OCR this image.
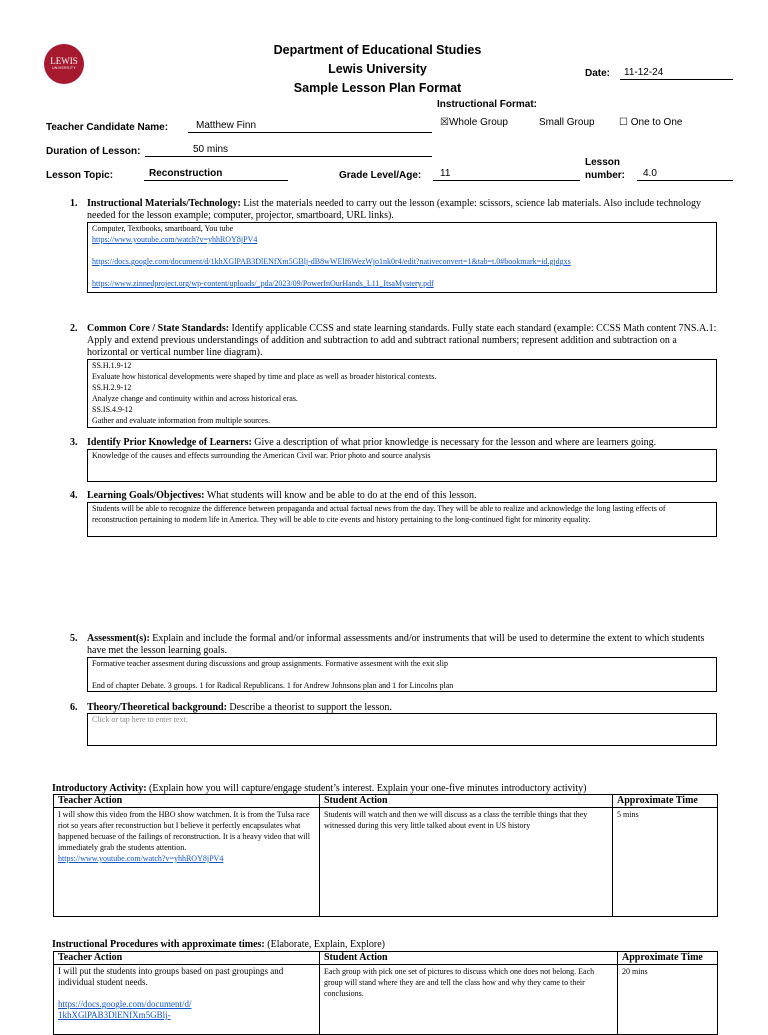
LEWIS
UNIVERSITY
Department of Educational Studies
Lewis University
Sample Lesson Plan Format
Date:	11-12-24
Instructional Format:
☒Whole Group	Small Group ☐ One to One
Teacher Candidate Name:	Matthew Finn
Duration of Lesson:	50 mins
Lesson Topic:	Reconstruction	Grade Level/Age:	11
Lesson
number:	4.0
1. Instructional Materials/Technology: List the materials needed to carry out the lesson (example: scissors, science lab materials. Also include technology needed for the lesson example; computer, projector, smartboard, URL links).

Computer, Textbooks, smartboard, You tube

https://www.youtube.com/watch?v=yhhROY8jPV4

https://docs.google.com/document/d/1khXGlPAB3DlENfXm5GBlj-dB8wWElf6WezWjo1nk0r4/edit?nativeconvert=1&tab=t.0#bookmark=id.gjdgxs

https://www.zinnedproject.org/wp-content/uploads/_pda/2023/09/PowerInOurHands_L11_ItsaMystery.pdf

2. Common Core / State Standards: Identify applicable CCSS and state learning standards. Fully state each standard (example: CCSS Math content 7NS.A.1: Apply and extend previous understandings of addition and subtraction to add and subtract rational numbers; represent addition and subtraction on a horizontal or vertical number line diagram).

SS.H.1.9-12

Evaluate how historical developments were shaped by time and place as well as broader historical contexts.

SS.H.2.9-12

Analyze change and continuity within and across historical eras.

SS.IS.4.9-12

Gather and evaluate information from multiple sources.

3. Identify Prior Knowledge of Learners: Give a description of what prior knowledge is necessary for the lesson and where are learners going.

Knowledge of the causes and effects surrounding the American Civil war. Prior photo and source analysis

4. Learning Goals/Objectives: What students will know and be able to do at the end of this lesson.

Students will be able to recognize the difference between propaganda and actual factual news from the day. They will be able to realize and acknowledge the long lasting effects of reconstruction pertaining to modern life in America. They will be able to cite events and history pertaining to the long-continued fight for minority equality.

5. Assessment(s): Explain and include the formal and/or informal assessments and/or instruments that will be used to determine the extent to which students have met the lesson learning goals.

Formative teacher assesment during discussions and group assignments. Formative assesment with the exit slip

End of chapter Debate. 3 groups. 1 for Radical Republicans. 1 for Andrew Johnsons plan and 1 for Lincolns plan

6. Theory/Theoretical background: Describe a theorist to support the lesson.

Click or tap here to enter text.

Introductory Activity: (Explain how you will capture/engage student’s interest. Explain your one-five minutes introductory activity)
Teacher Action	Student Action	Approximate Time
I will show this video from the HBO show watchmen. It is from the Tulsa race riot so years after reconstruction but I believe it perfectly encapsulates what happened becuase of the failings of reconstruction. It is a heavy video that will immediately grab the students attention.
https://www.youtube.com/watch?v=yhhROY8jPV4	Students will watch and then we will discuss as a class the terrible things that they witnessed during this very little talked about event in US history	5 mins
Instructional Procedures with approximate times: (Elaborate, Explain, Explore)
Teacher Action	Student Action	Approximate Time
I will put the students into groups based on past groupings and individual student needs.

https://docs.google.com/document/d/
1khXGlPAB3DlENfXm5GBlj-	Each group with pick one set of pictures to discuss which one does not belong. Each group will stand where they are and tell the class how and why they came to their conclusions.	20 mins
